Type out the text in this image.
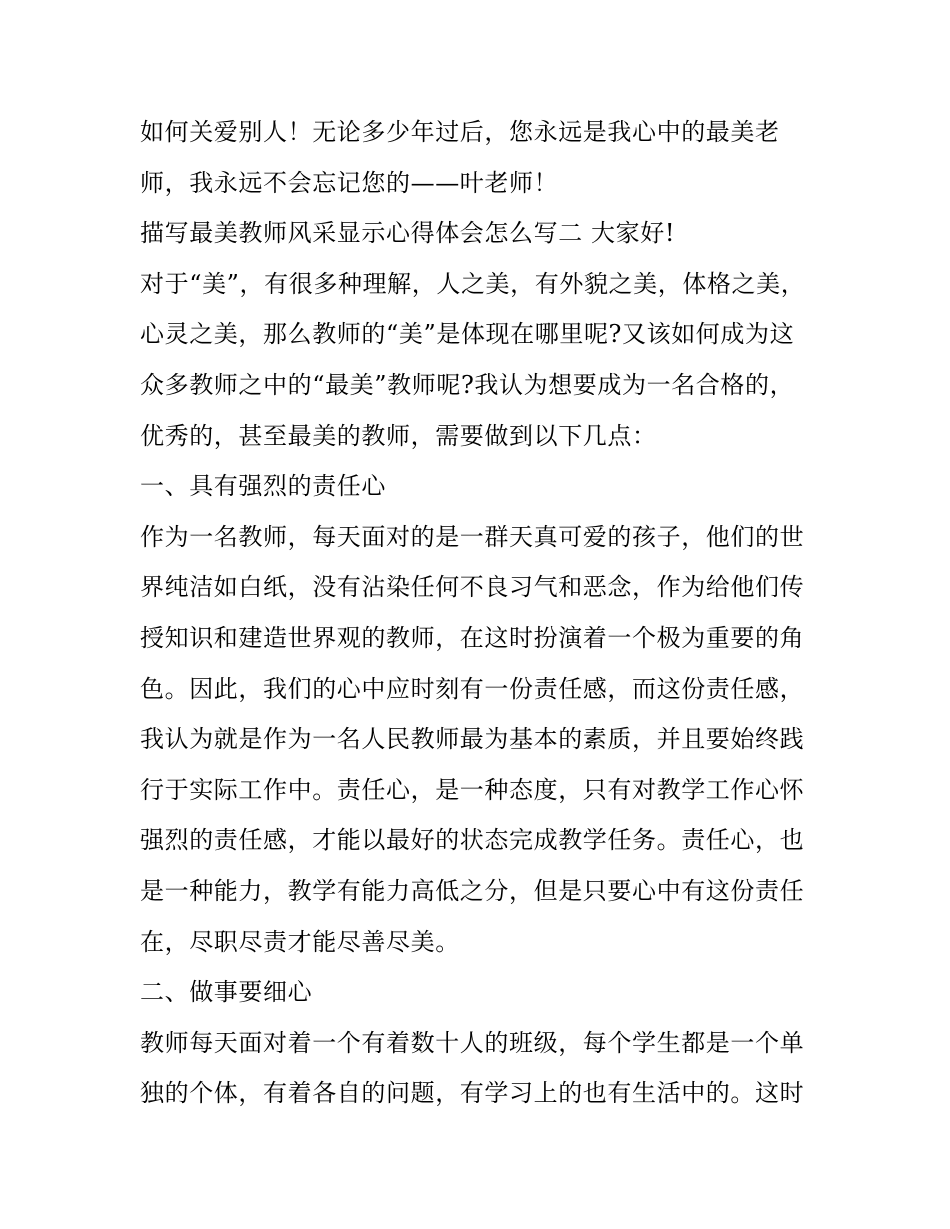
如何关爱别人！无论多少年过后，您永远是我心中的最美老
师，我永远不会忘记您的——叶老师！
描写最美教师风采显示心得体会怎么写二 大家好!
对于“美”，有很多种理解，人之美，有外貌之美，体格之美，
心灵之美，那么教师的“美”是体现在哪里呢?又该如何成为这
众多教师之中的“最美”教师呢?我认为想要成为一名合格的，
优秀的，甚至最美的教师，需要做到以下几点：
一、具有强烈的责任心
作为一名教师，每天面对的是一群天真可爱的孩子，他们的世
界纯洁如白纸，没有沾染任何不良习气和恶念，作为给他们传
授知识和建造世界观的教师，在这时扮演着一个极为重要的角
色。因此，我们的心中应时刻有一份责任感，而这份责任感，
我认为就是作为一名人民教师最为基本的素质，并且要始终践
行于实际工作中。责任心，是一种态度，只有对教学工作心怀
强烈的责任感，才能以最好的状态完成教学任务。责任心，也
是一种能力，教学有能力高低之分，但是只要心中有这份责任
在，尽职尽责才能尽善尽美。
二、做事要细心
教师每天面对着一个有着数十人的班级，每个学生都是一个单
独的个体，有着各自的问题，有学习上的也有生活中的。这时
